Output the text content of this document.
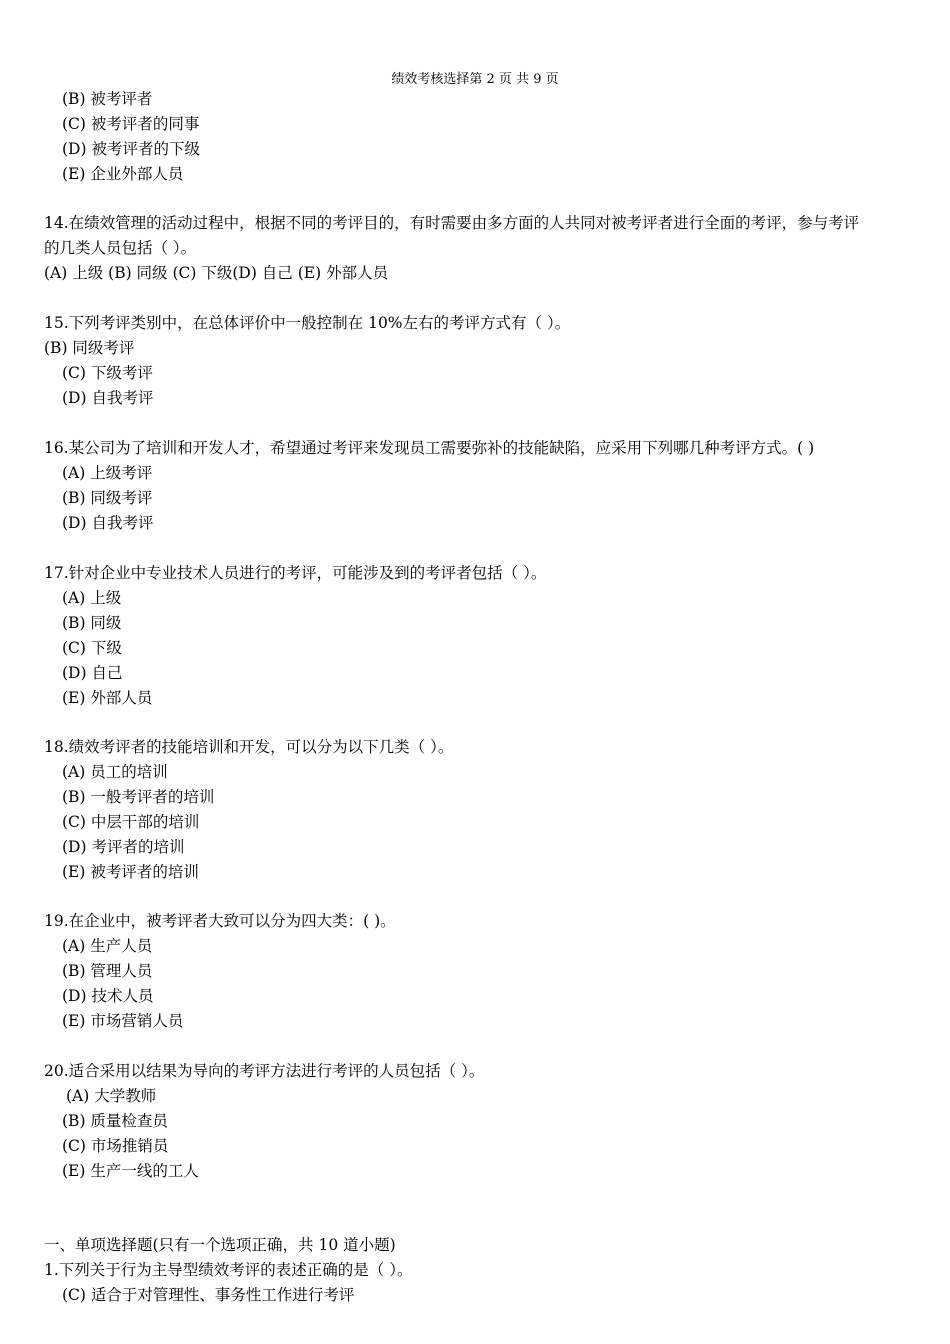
绩效考核选择第 2 页 共 9 页
(B) 被考评者
(C) 被考评者的同事
(D) 被考评者的下级
(E) 企业外部人员
14.在绩效管理的活动过程中，根据不同的考评目的，有时需要由多方面的人共同对被考评者进行全面的考评，参与考评
的几类人员包括（ ）。
(A) 上级 (B) 同级 (C) 下级(D) 自己 (E) 外部人员
15.下列考评类别中，在总体评价中一般控制在 10%左右的考评方式有（ ）。
(B) 同级考评
(C) 下级考评
(D) 自我考评
16.某公司为了培训和开发人才，希望通过考评来发现员工需要弥补的技能缺陷，应采用下列哪几种考评方式。( )
(A) 上级考评
(B) 同级考评
(D) 自我考评
17.针对企业中专业技术人员进行的考评，可能涉及到的考评者包括（ ）。
(A) 上级
(B) 同级
(C) 下级
(D) 自己
(E) 外部人员
18.绩效考评者的技能培训和开发，可以分为以下几类（ ）。
(A) 员工的培训
(B) 一般考评者的培训
(C) 中层干部的培训
(D) 考评者的培训
(E) 被考评者的培训
19.在企业中，被考评者大致可以分为四大类：( )。
(A) 生产人员
(B) 管理人员
(D) 技术人员
(E) 市场营销人员
20.适合采用以结果为导向的考评方法进行考评的人员包括（ ）。
(A) 大学教师
(B) 质量检查员
(C) 市场推销员
(E) 生产一线的工人
一、单项选择题(只有一个选项正确，共 10 道小题)
1.下列关于行为主导型绩效考评的表述正确的是（ ）。
(C) 适合于对管理性、事务性工作进行考评
